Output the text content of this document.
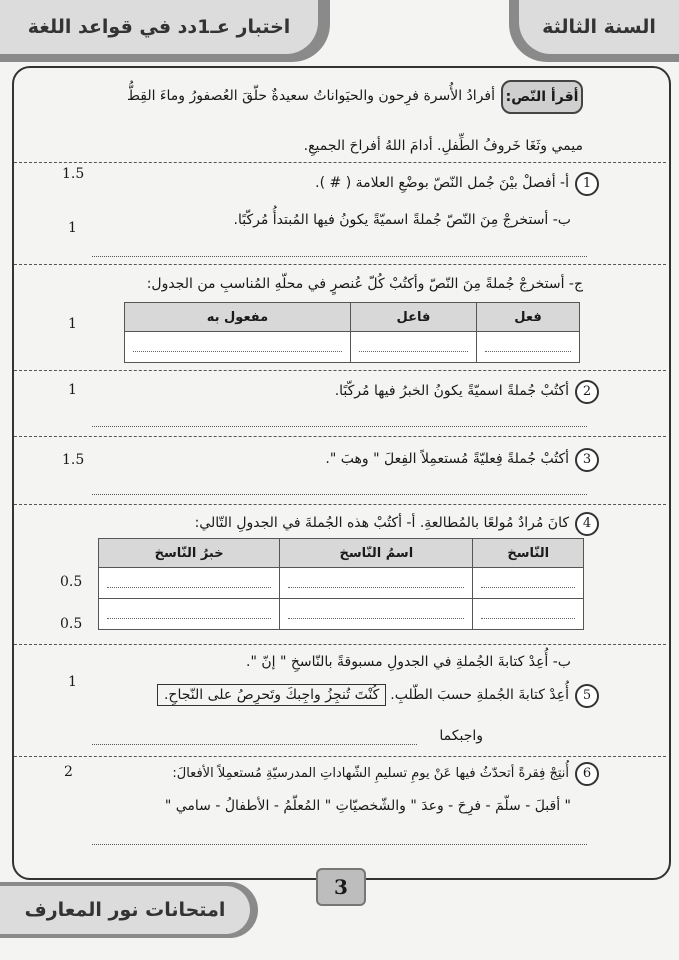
السنة الثالثة
اختبار عـ1دد في قواعد اللغة
أقرأ النّص:
أفرادُ الأُسرة فرِحون والحيَواناتُ سعيدةٌ حلّقَ العُصفورُ وماءَ القِطُّ
ميمي وثَغَا خَروفُ الطِّفلِ. أدامَ اللهُ أفراحَ الجميعِ.
1أ- أفصلْ بيْنَ جُمل النّصّ بوضْعِ العلامة ( # ).
1.5
ب- أستخرجْ مِنَ النّصّ جُملةً اسميّةً يكونُ فيها المُبتدأُ مُركّبًا.
1
ج- أستخرجْ جُملةً مِنَ النّصّ وأكتُبْ كُلّ عُنصرٍ في محلّهِ المُناسبِ من الجدول:
1	فعل	فاعل	مفعول به

2أكتُبْ جُملةً اسميّةً يكونُ الخبرُ فيها مُركّبًا.
1
3أكتُبْ جُملةً فِعليّةً مُستعمِلاً الفِعلَ " وهبَ ".
1.5
4كانَ مُرادٌ مُولعًا بالمُطالعةِ. أ- أكتُبْ هذه الجُملةَ في الجدولِ التّالي:
النّاسخ	اسمُ النّاسخ	خبرُ النّاسخ

0.5
0.5
ب- أُعِدْ كتابةَ الجُملةِ في الجدولِ مسبوقةً بالنّاسخِ " إنّ ".
1
5أُعِدْ كتابةَ الجُملةِ حسبَ الطّلبِ.كُنْتَ تُنجِزُ واجِبكَ وتَحرِصُ على النّجاحِ.
واجبكما
6أُنتِجْ فِقرةً أتحدّثُ فيها عَنْ يومِ تسليمِ الشّهاداتِ المدرسيّةِ مُستعمِلاً الأفعالَ:
2
" أقبلَ - سلّمَ - فرِحَ - وعدَ " والشّخصيّاتِ " المُعلّمُ - الأطفالُ - سامي "
3
امتحانات نور المعارف
